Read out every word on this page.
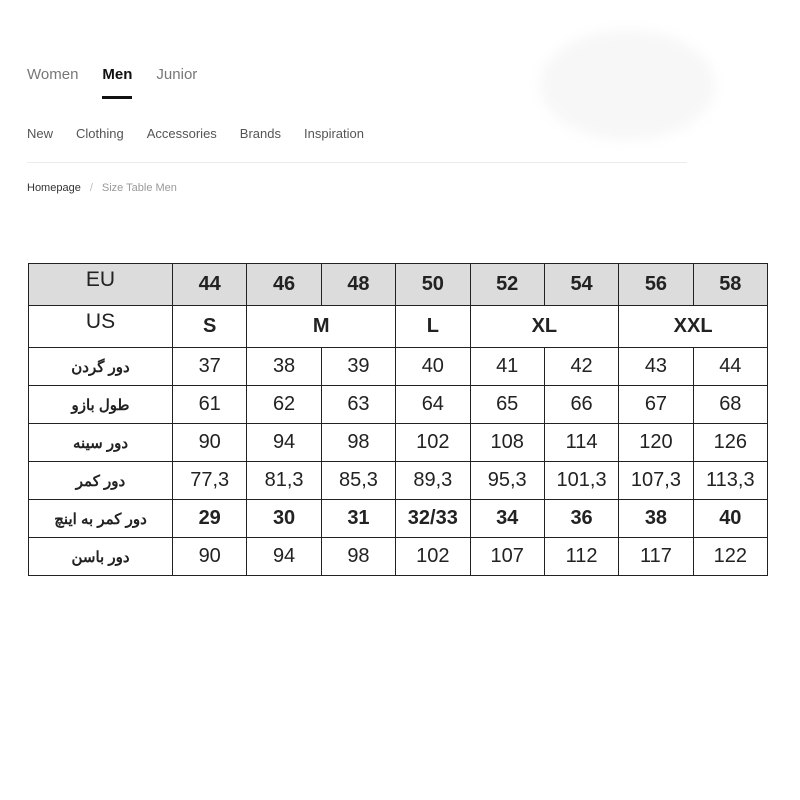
Women Men Junior
New Clothing Accessories Brands Inspiration
Homepage / Size Table Men
EU	44	46	48	50	52	54	56	58
US	S	M		L	XL		XXL	
دور گردن	37	38	39	40	41	42	43	44
طول بازو	61	62	63	64	65	66	67	68
دور سینه	90	94	98	102	108	114	120	126
دور کمر	77,3	81,3	85,3	89,3	95,3	101,3	107,3	113,3
دور کمر به اینچ	29	30	31	32/33	34	36	38	40
دور باسن	90	94	98	102	107	112	117	122
